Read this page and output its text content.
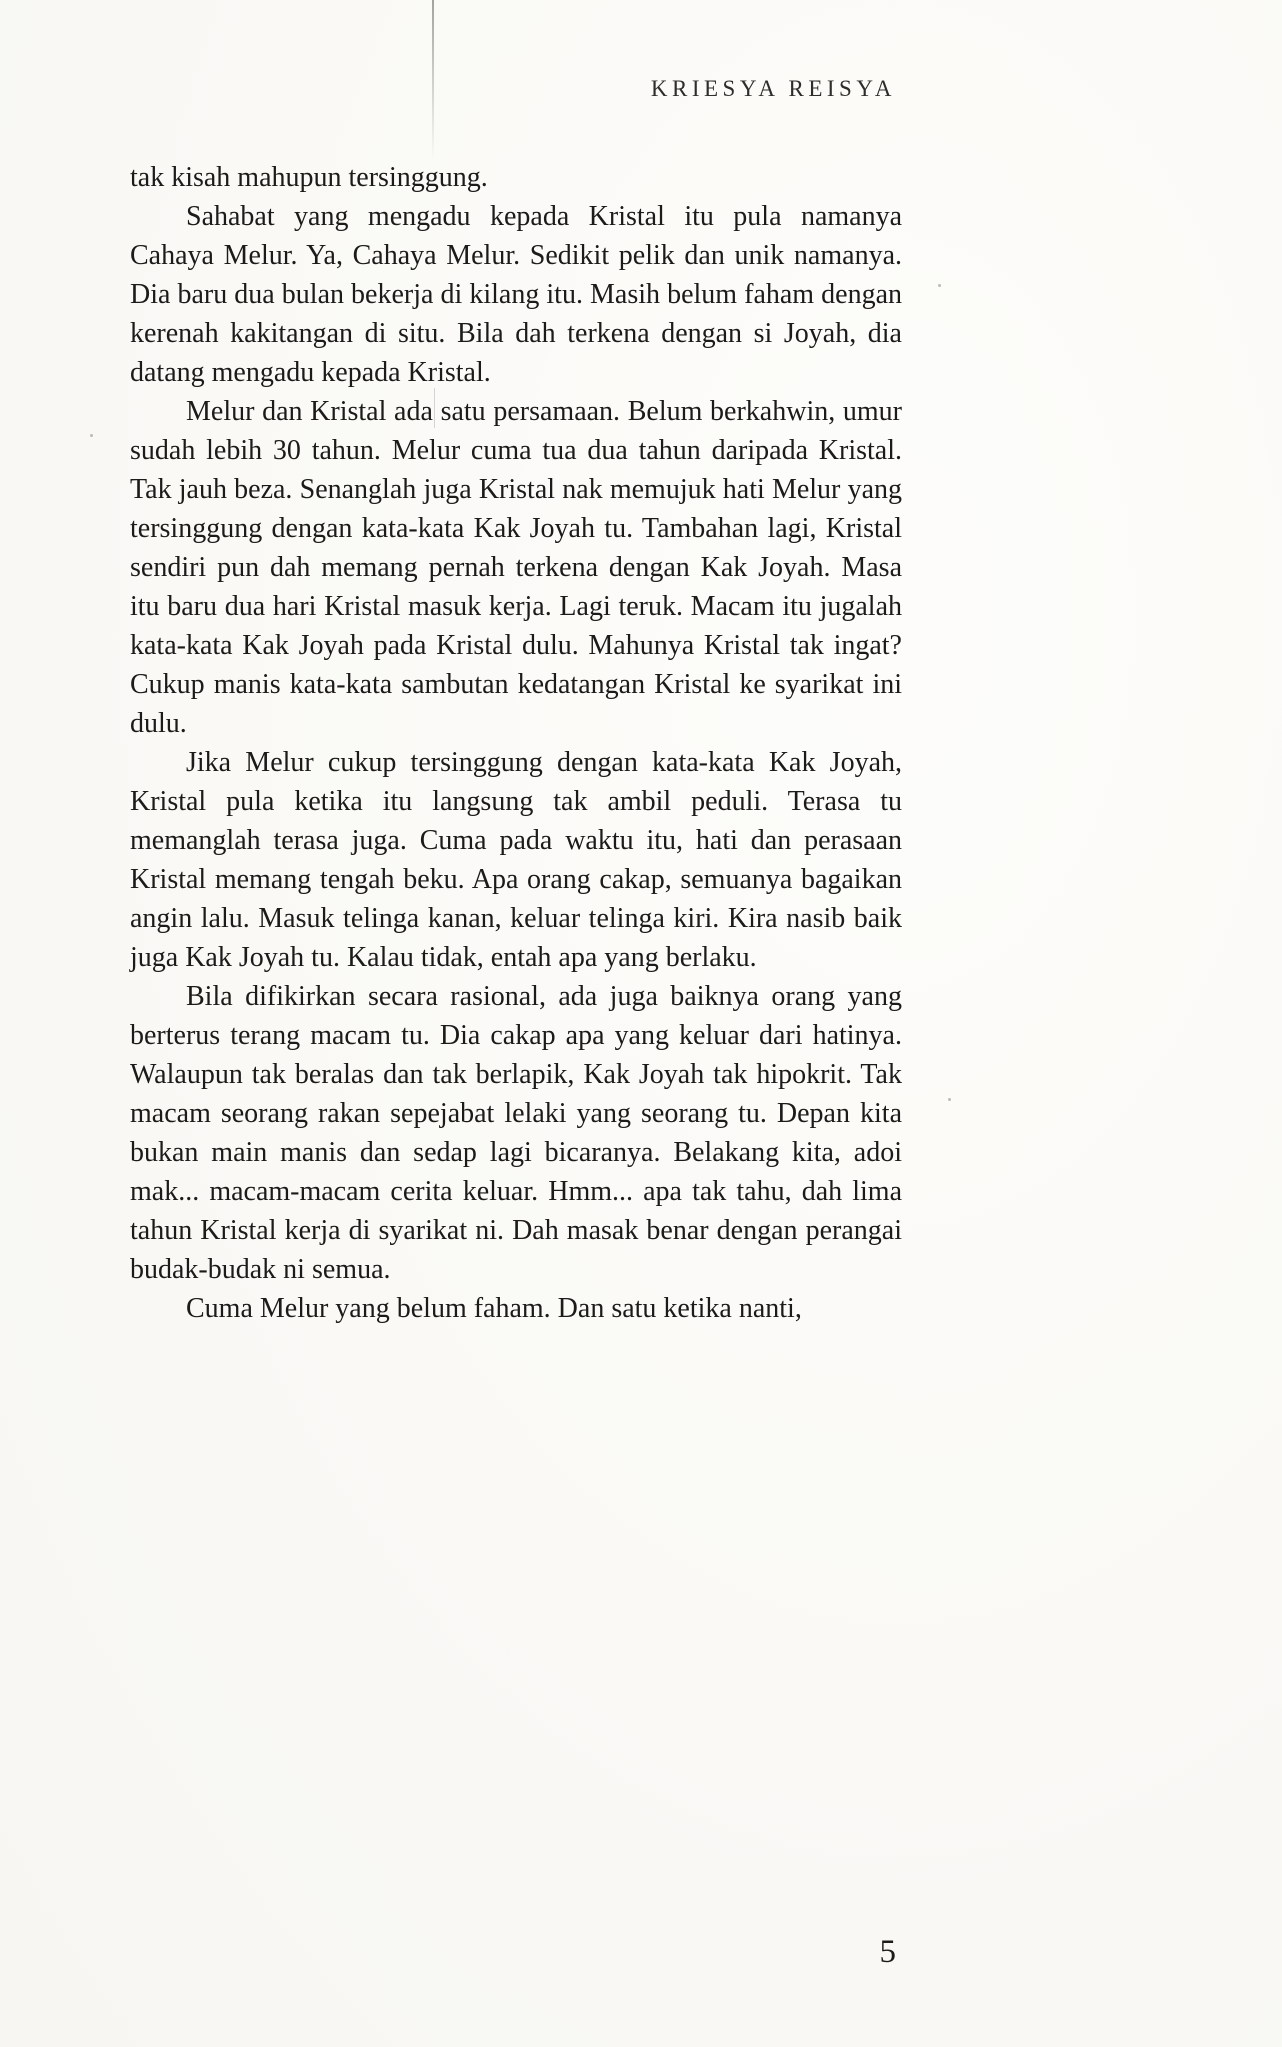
KRIESYA REISYA

tak kisah mahupun tersinggung.

Sahabat yang mengadu kepada Kristal itu pula namanya Cahaya Melur. Ya, Cahaya Melur. Sedikit pelik dan unik namanya. Dia baru dua bulan bekerja di kilang itu. Masih belum faham dengan kerenah kakitangan di situ. Bila dah terkena dengan si Joyah, dia datang mengadu kepada Kristal.

Melur dan Kristal ada satu persamaan. Belum berkahwin, umur sudah lebih 30 tahun. Melur cuma tua dua tahun daripada Kristal. Tak jauh beza. Senanglah juga Kristal nak memujuk hati Melur yang tersinggung dengan kata-kata Kak Joyah tu. Tambahan lagi, Kristal sendiri pun dah memang pernah terkena dengan Kak Joyah. Masa itu baru dua hari Kristal masuk kerja. Lagi teruk. Macam itu jugalah kata-kata Kak Joyah pada Kristal dulu. Mahunya Kristal tak ingat? Cukup manis kata-kata sambutan kedatangan Kristal ke syarikat ini dulu.

Jika Melur cukup tersinggung dengan kata-kata Kak Joyah, Kristal pula ketika itu langsung tak ambil peduli. Terasa tu memanglah terasa juga. Cuma pada waktu itu, hati dan perasaan Kristal memang tengah beku. Apa orang cakap, semuanya bagaikan angin lalu. Masuk telinga kanan, keluar telinga kiri. Kira nasib baik juga Kak Joyah tu. Kalau tidak, entah apa yang berlaku.

Bila difikirkan secara rasional, ada juga baiknya orang yang berterus terang macam tu. Dia cakap apa yang keluar dari hatinya. Walaupun tak beralas dan tak berlapik, Kak Joyah tak hipokrit. Tak macam seorang rakan sepejabat lelaki yang seorang tu. Depan kita bukan main manis dan sedap lagi bicaranya. Belakang kita, adoi mak... macam-macam cerita keluar. Hmm... apa tak tahu, dah lima tahun Kristal kerja di syarikat ni. Dah masak benar dengan perangai budak-budak ni semua.

Cuma Melur yang belum faham. Dan satu ketika nanti,

5
